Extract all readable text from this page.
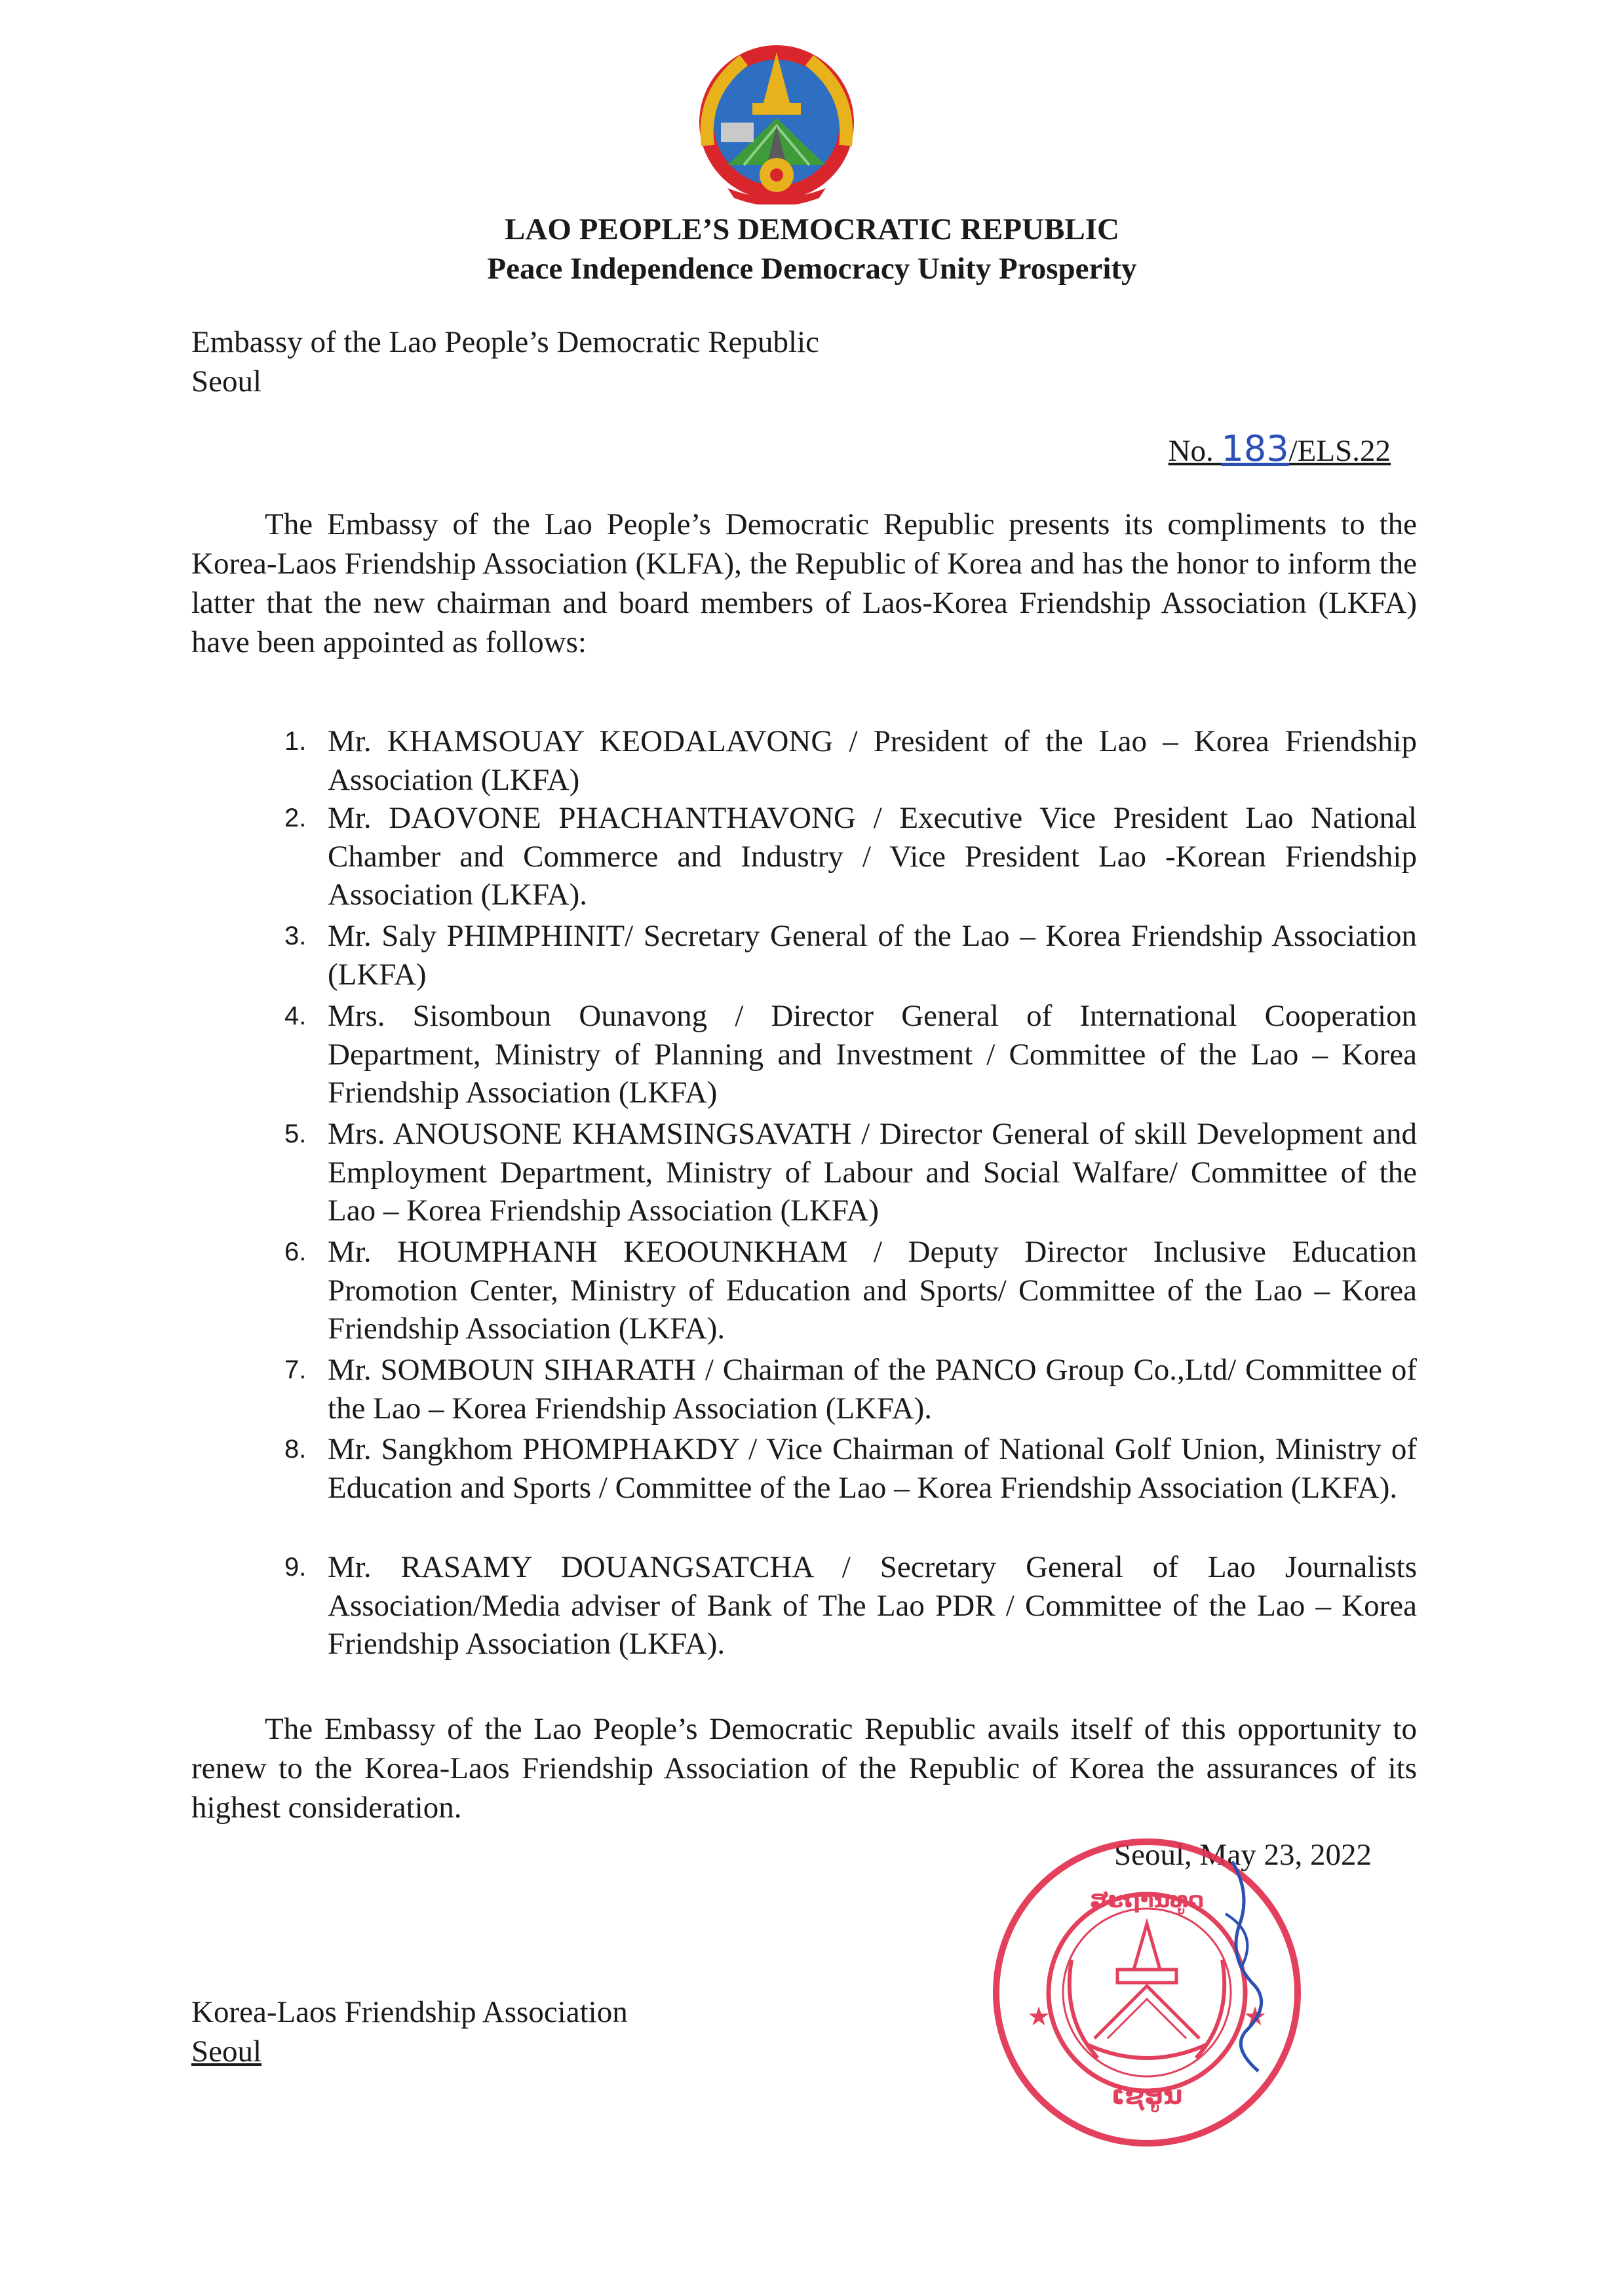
LAO PEOPLE’S DEMOCRATIC REPUBLIC
Peace Independence Democracy Unity Prosperity
Embassy of the Lao People’s Democratic Republic
Seoul
No. 183/ELS.22

The Embassy of the Lao People’s Democratic Republic presents its compliments to the Korea-Laos Friendship Association (KLFA), the Republic of Korea and has the honor to inform the latter that the new chairman and board members of Laos-Korea Friendship Association (LKFA) have been appointed as follows:

1. Mr. KHAMSOUAY KEODALAVONG / President of the Lao – Korea Friendship Association (LKFA)
2. Mr. DAOVONE PHACHANTHAVONG / Executive Vice President Lao National Chamber and Commerce and Industry / Vice President Lao -Korean Friendship Association (LKFA).
3. Mr. Saly PHIMPHINIT/ Secretary General of the Lao – Korea Friendship Association (LKFA)
4. Mrs. Sisomboun Ounavong / Director General of International Cooperation Department, Ministry of Planning and Investment / Committee of the Lao – Korea Friendship Association (LKFA)
5. Mrs. ANOUSONE KHAMSINGSAVATH / Director General of skill Development and Employment Department, Ministry of Labour and Social Walfare/ Committee of the Lao – Korea Friendship Association (LKFA)
6. Mr. HOUMPHANH KEOOUNKHAM / Deputy Director Inclusive Education Promotion Center, Ministry of Education and Sports/ Committee of the Lao – Korea Friendship Association (LKFA).
7. Mr. SOMBOUN SIHARATH / Chairman of the PANCO Group Co.,Ltd/ Committee of the Lao – Korea Friendship Association (LKFA).
8. Mr. Sangkhom PHOMPHAKDY / Vice Chairman of National Golf Union, Ministry of Education and Sports / Committee of the Lao – Korea Friendship Association (LKFA).
9. Mr. RASAMY DOUANGSATCHA / Secretary General of Lao Journalists Association/Media adviser of Bank of The Lao PDR / Committee of the Lao – Korea Friendship Association (LKFA).

The Embassy of the Lao People’s Democratic Republic avails itself of this opportunity to renew to the Korea-Laos Friendship Association of the Republic of Korea the assurances of its highest consideration.

Seoul, May 23, 2022
ສະຖານທູດ
ເຊອູນ
★	★
Korea-Laos Friendship Association
Seoul
